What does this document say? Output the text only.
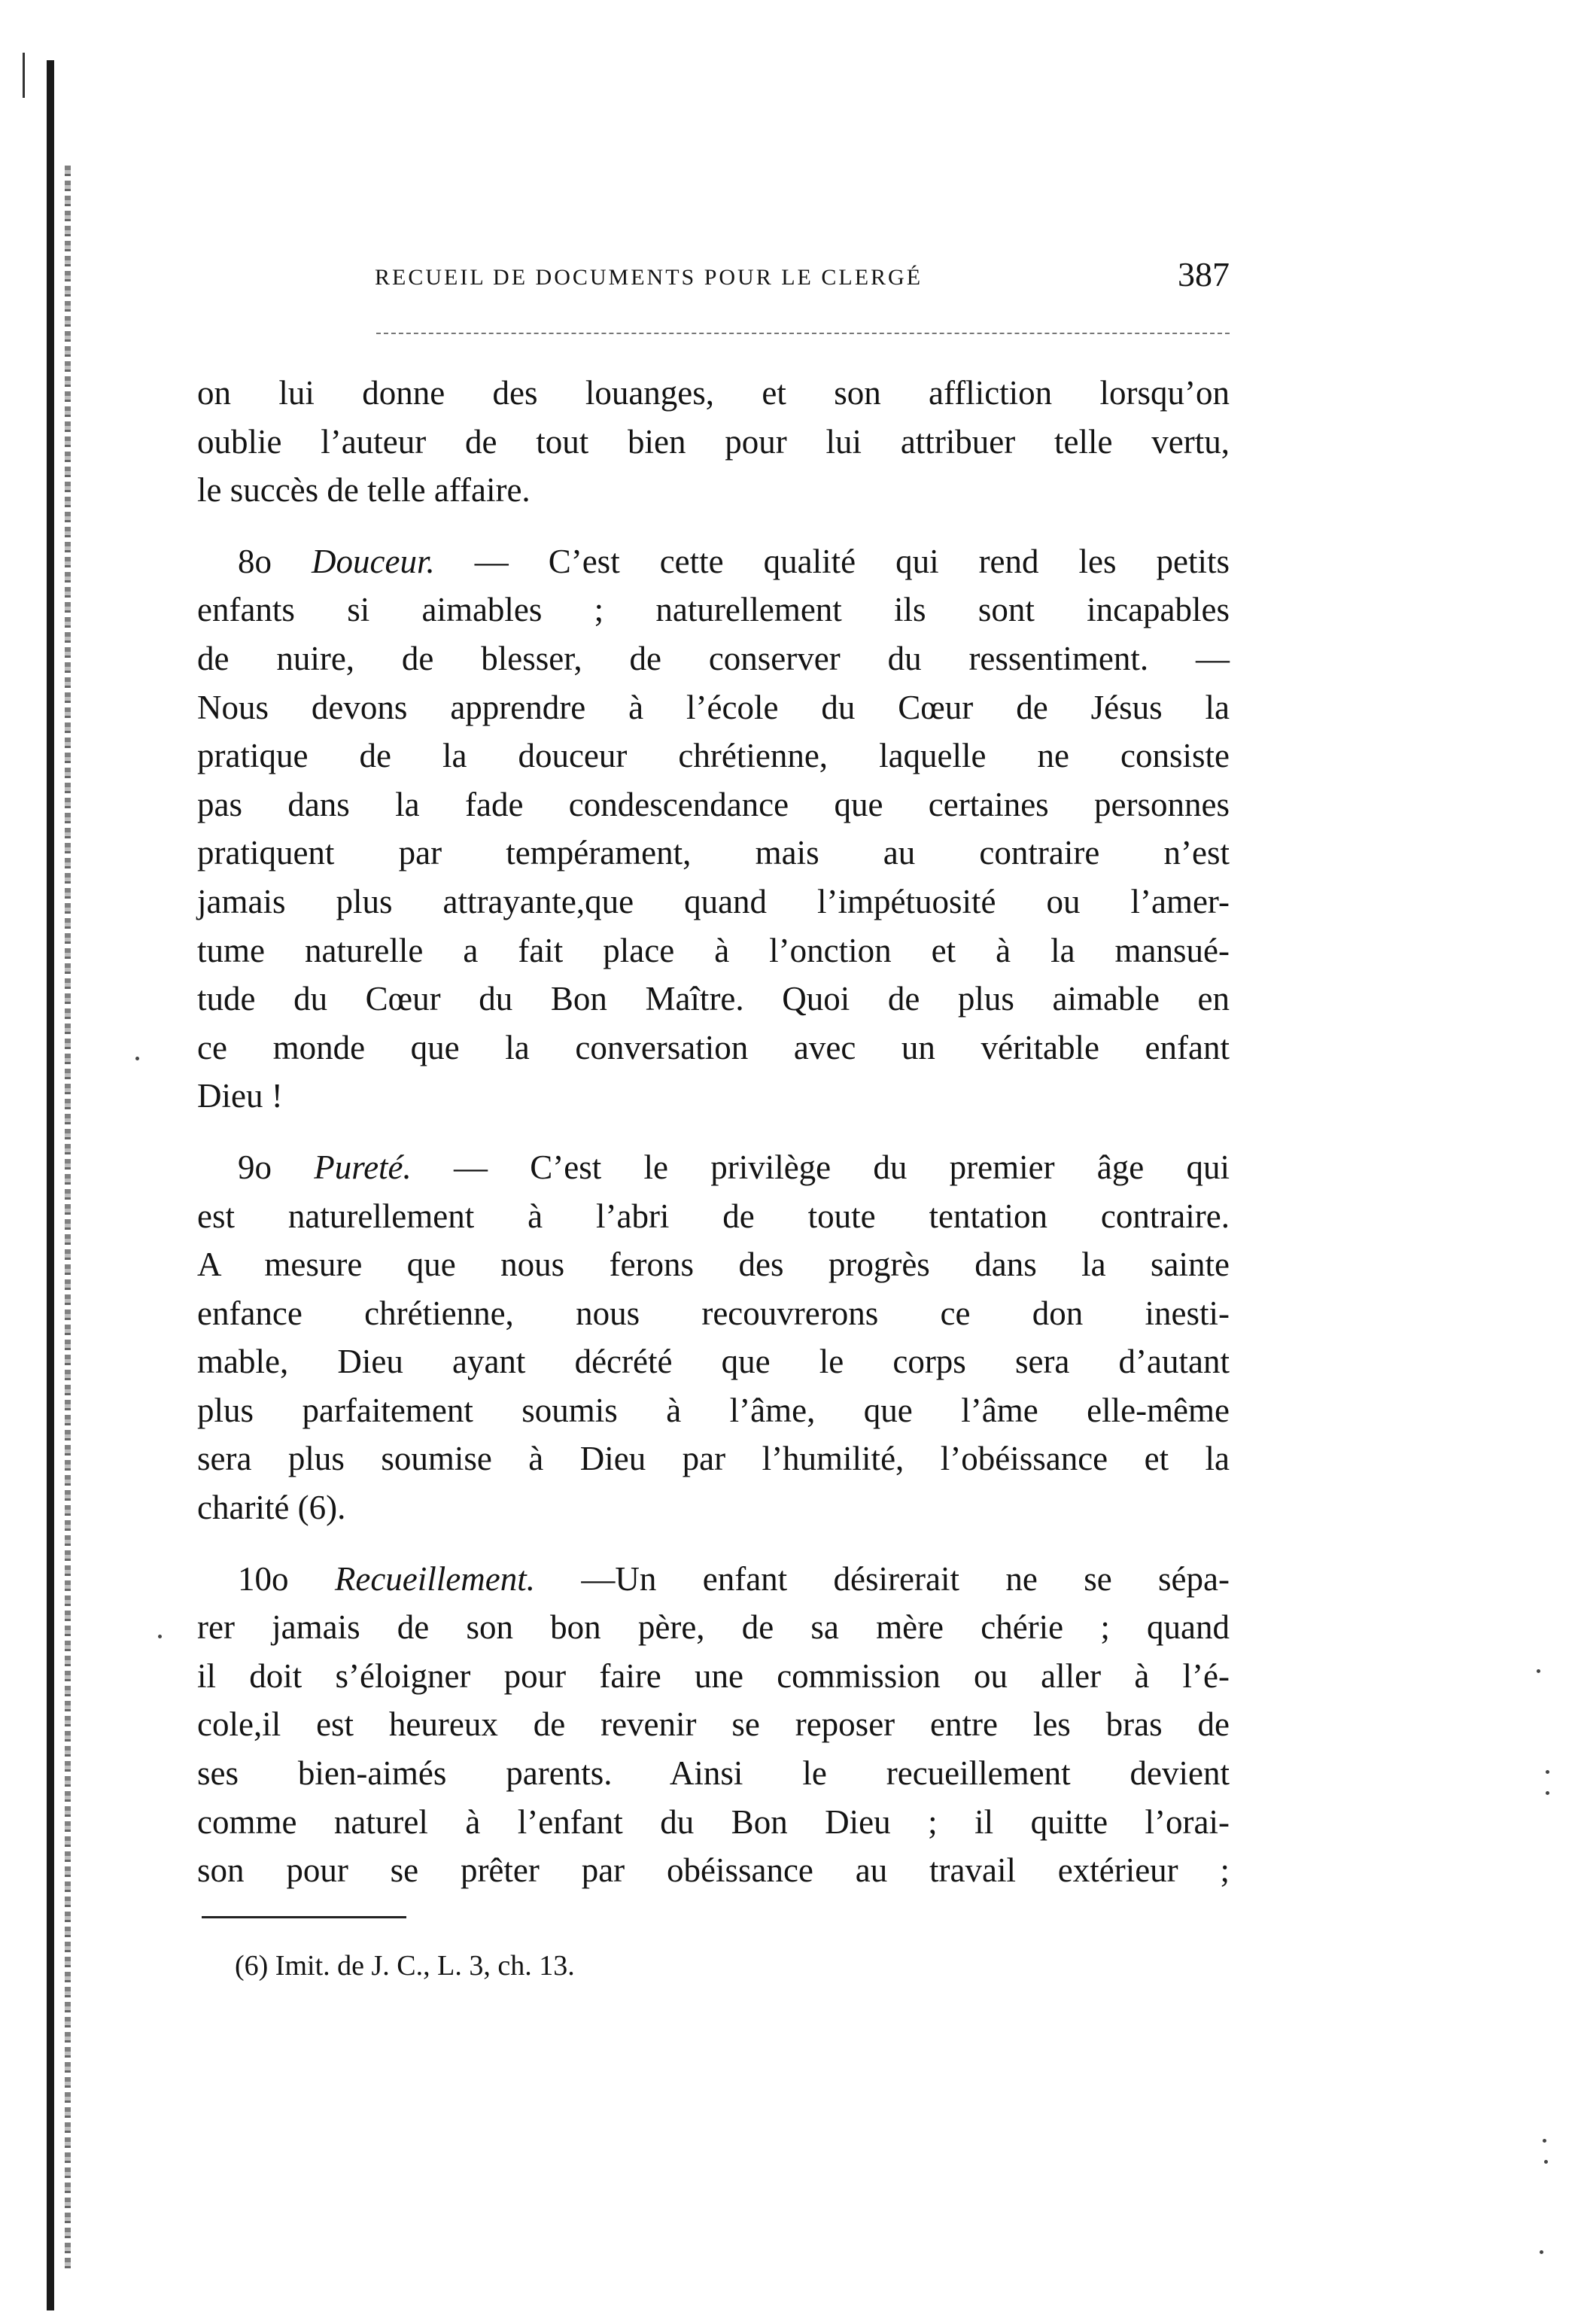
RECUEIL DE DOCUMENTS POUR LE CLERGÉ	387
on lui donne des louanges, et son affliction lorsqu’on
oublie l’auteur de tout bien pour lui attribuer telle vertu,
le succès de telle affaire.
8o Douceur. — C’est cette qualité qui rend les petits
enfants si aimables ; naturellement ils sont incapables
de nuire, de blesser, de conserver du ressentiment. —
Nous devons apprendre à l’école du Cœur de Jésus la
pratique de la douceur chrétienne, laquelle ne consiste
pas dans la fade condescendance que certaines personnes
pratiquent par tempérament, mais au contraire n’est
jamais plus attrayante,que quand l’impétuosité ou l’amer-
tume naturelle a fait place à l’onction et à la mansué-
tude du Cœur du Bon Maître. Quoi de plus aimable en
ce monde que la conversation avec un véritable enfant
Dieu !
9o Pureté. — C’est le privilège du premier âge qui
est naturellement à l’abri de toute tentation contraire.
A mesure que nous ferons des progrès dans la sainte
enfance chrétienne, nous recouvrerons ce don inesti-
mable, Dieu ayant décrété que le corps sera d’autant
plus parfaitement soumis à l’âme, que l’âme elle-même
sera plus soumise à Dieu par l’humilité, l’obéissance et la
charité (6).
10o Recueillement. —Un enfant désirerait ne se sépa-
rer jamais de son bon père, de sa mère chérie ; quand
il doit s’éloigner pour faire une commission ou aller à l’é-
cole,il est heureux de revenir se reposer entre les bras de
ses bien-aimés parents. Ainsi le recueillement devient
comme naturel à l’enfant du Bon Dieu ; il quitte l’orai-
son pour se prêter par obéissance au travail extérieur ;
(6) Imit. de J. C., L. 3, ch. 13.
